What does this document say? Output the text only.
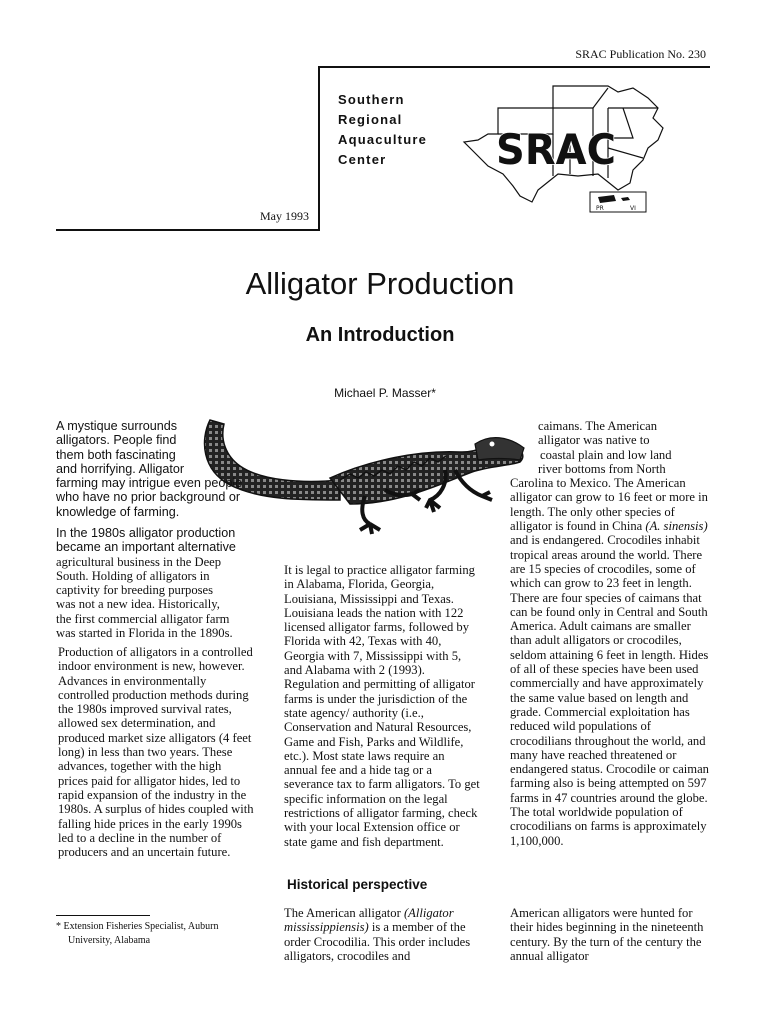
SRAC Publication No. 230
Southern
Regional
Aquaculture
Center
May 1993
SRAC
PR	VI
Alligator Production
An Introduction
Michael P. Masser*

A mystique surrounds
alligators. People find
them both fascinating
and horrifying. Alligator
farming may intrigue even people
who have no prior background or
knowledge of farming.

In the 1980s alligator production
became an important alternative
agricultural business in the Deep
South. Holding of alligators in
captivity for breeding purposes
was not a new idea. Historically,
the first commercial alligator farm
was started in Florida in the 1890s.

Production of alligators in a controlled indoor environment is new, however. Advances in environmentally controlled production methods during the 1980s improved survival rates, allowed sex determination, and produced market size alligators (4 feet long) in less than two years. These advances, together with the high prices paid for alligator hides, led to rapid expansion of the industry in the 1980s. A surplus of hides coupled with falling hide prices in the early 1990s led to a decline in the number of producers and an uncertain future.

* Extension Fisheries Specialist, Auburn
University, Alabama

It is legal to practice alligator farming in Alabama, Florida, Georgia, Louisiana, Mississippi and Texas. Louisiana leads the nation with 122 licensed alligator farms, followed by Florida with 42, Texas with 40, Georgia with 7, Mississippi with 5, and Alabama with 2 (1993). Regulation and permitting of alligator farms is under the jurisdiction of the state agency/ authority (i.e., Conservation and Natural Resources, Game and Fish, Parks and Wildlife, etc.). Most state laws require an annual fee and a hide tag or a severance tax to farm alligators. To get specific information on the legal restrictions of alligator farming, check with your local Extension office or state game and fish department.

Historical perspective

The American alligator (Alligator mississippiensis) is a member of the order Crocodilia. This order includes alligators, crocodiles and

caimans. The American
alligator was native to
coastal plain and low land
river bottoms from North
Carolina to Mexico. The American alligator can grow to 16 feet or more in length. The only other species of alligator is found in China (A. sinensis) and is endangered. Crocodiles inhabit tropical areas around the world. There are 15 species of crocodiles, some of which can grow to 23 feet in length. There are four species of caimans that can be found only in Central and South America. Adult caimans are smaller than adult alligators or crocodiles, seldom attaining 6 feet in length. Hides of all of these species have been used commercially and have approximately the same value based on length and grade. Commercial exploitation has reduced wild populations of crocodilians throughout the world, and many have reached threatened or endangered status. Crocodile or caiman farming also is being attempted on 597 farms in 47 countries around the globe. The total worldwide population of crocodilians on farms is approximately 1,100,000.

American alligators were hunted for their hides beginning in the nineteenth century. By the turn of the century the annual alligator
